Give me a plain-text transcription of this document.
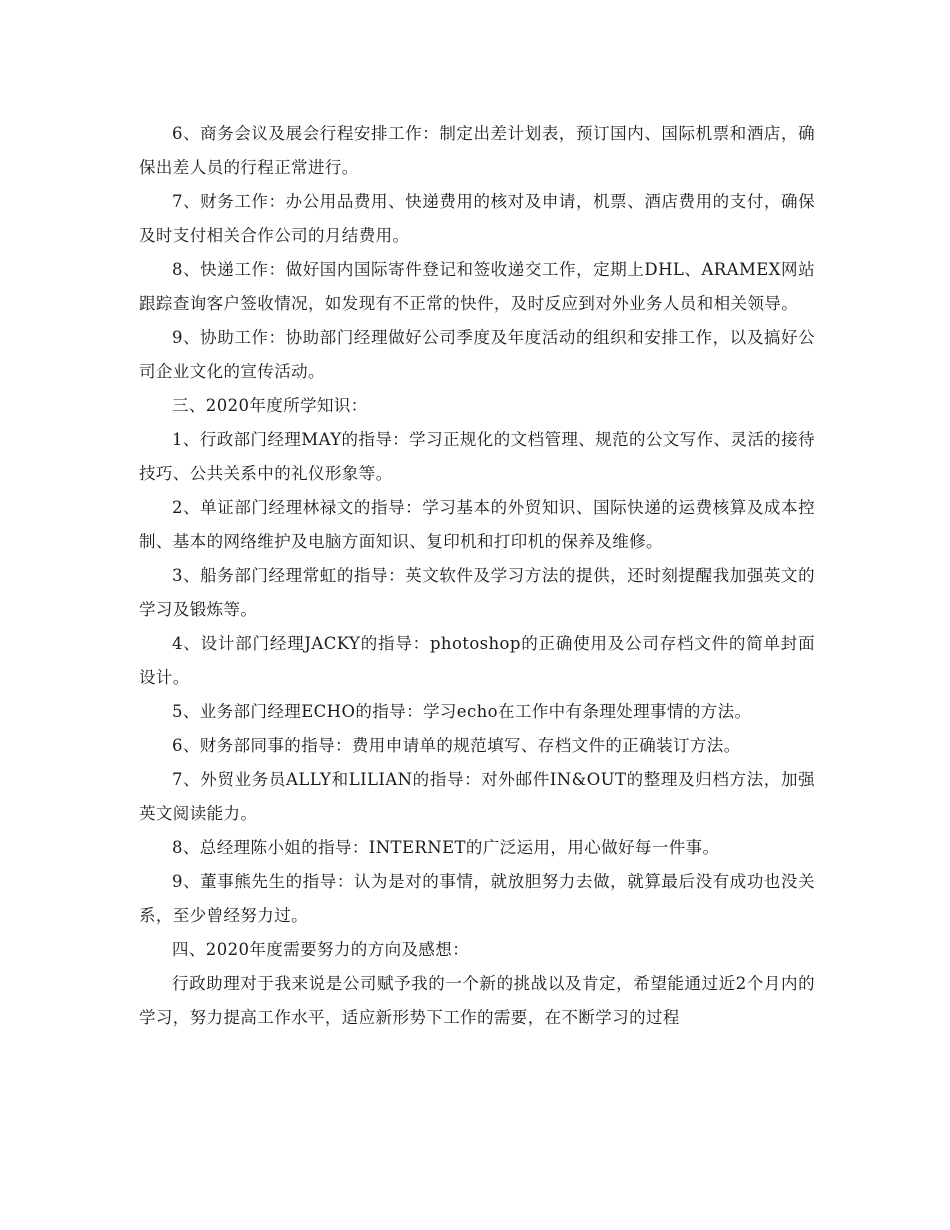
6、商务会议及展会行程安排工作：制定出差计划表，预订国内、国际机票和酒店，确保出差人员的行程正常进行。

7、财务工作：办公用品费用、快递费用的核对及申请，机票、酒店费用的支付，确保及时支付相关合作公司的月结费用。

8、快递工作：做好国内国际寄件登记和签收递交工作，定期上DHL、ARAMEX网站跟踪查询客户签收情况，如发现有不正常的快件，及时反应到对外业务人员和相关领导。

9、协助工作：协助部门经理做好公司季度及年度活动的组织和安排工作，以及搞好公司企业文化的宣传活动。

三、2020年度所学知识：

1、行政部门经理MAY的指导：学习正规化的文档管理、规范的公文写作、灵活的接待技巧、公共关系中的礼仪形象等。

2、单证部门经理林禄文的指导：学习基本的外贸知识、国际快递的运费核算及成本控制、基本的网络维护及电脑方面知识、复印机和打印机的保养及维修。

3、船务部门经理常虹的指导：英文软件及学习方法的提供，还时刻提醒我加强英文的学习及锻炼等。

4、设计部门经理JACKY的指导：photoshop的正确使用及公司存档文件的简单封面设计。

5、业务部门经理ECHO的指导：学习echo在工作中有条理处理事情的方法。

6、财务部同事的指导：费用申请单的规范填写、存档文件的正确装订方法。

7、外贸业务员ALLY和LILIAN的指导：对外邮件IN&OUT的整理及归档方法，加强英文阅读能力。

8、总经理陈小姐的指导：INTERNET的广泛运用，用心做好每一件事。

9、董事熊先生的指导：认为是对的事情，就放胆努力去做，就算最后没有成功也没关系，至少曾经努力过。

四、2020年度需要努力的方向及感想：

行政助理对于我来说是公司赋予我的一个新的挑战以及肯定，希望能通过近2个月内的学习，努力提高工作水平，适应新形势下工作的需要，在不断学习的过程
